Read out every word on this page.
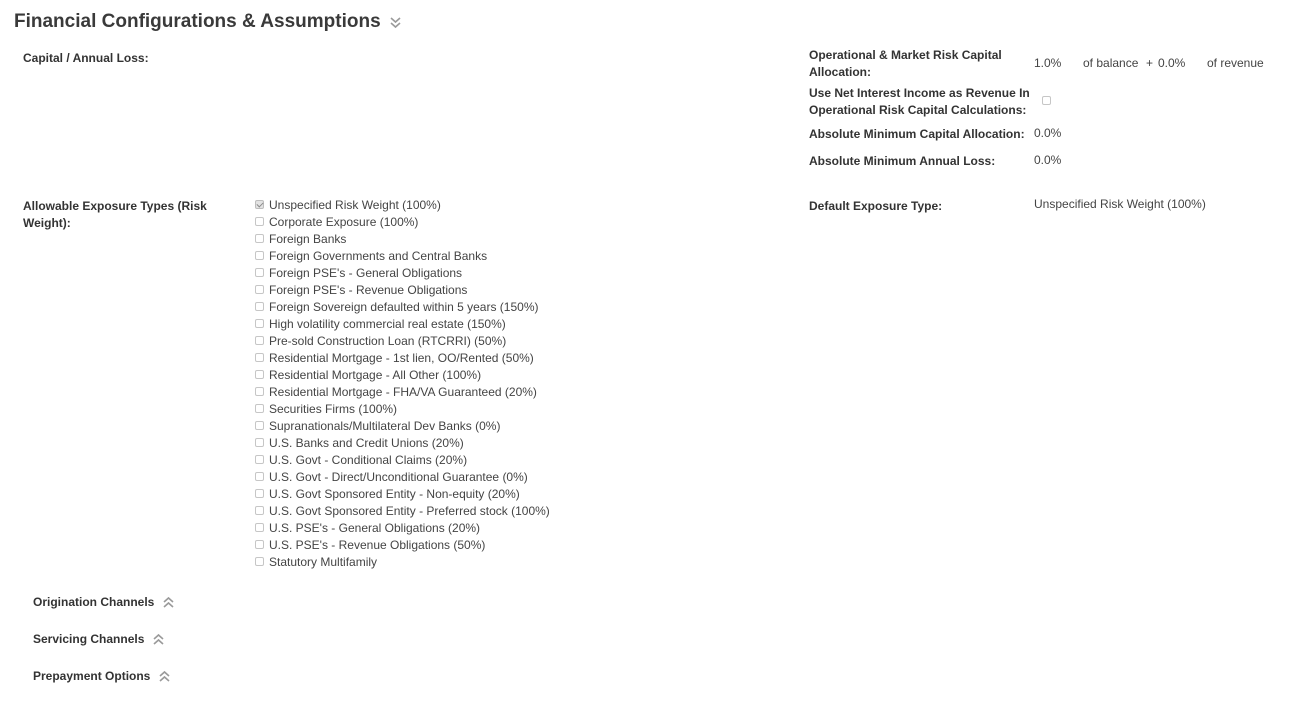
Financial Configurations & Assumptions
Capital / Annual Loss:	Operational & Market Risk Capital Allocation:
1.0% of balance + 0.0% of revenue
Use Net Interest Income as Revenue In Operational Risk Capital Calculations:
Absolute Minimum Capital Allocation: 0.0%
Absolute Minimum Annual Loss:	0.0%
Allowable Exposure Types (Risk Weight):
Unspecified Risk Weight (100%)
Corporate Exposure (100%)
Foreign Banks
Foreign Governments and Central Banks
Foreign PSE's - General Obligations
Foreign PSE's - Revenue Obligations
Foreign Sovereign defaulted within 5 years (150%)
High volatility commercial real estate (150%)
Pre-sold Construction Loan (RTCRRI) (50%)
Residential Mortgage - 1st lien, OO/Rented (50%)
Residential Mortgage - All Other (100%)
Residential Mortgage - FHA/VA Guaranteed (20%)
Securities Firms (100%)
Supranationals/Multilateral Dev Banks (0%)
U.S. Banks and Credit Unions (20%)
U.S. Govt - Conditional Claims (20%)
U.S. Govt - Direct/Unconditional Guarantee (0%)
U.S. Govt Sponsored Entity - Non-equity (20%)
U.S. Govt Sponsored Entity - Preferred stock (100%)
U.S. PSE's - General Obligations (20%)
U.S. PSE's - Revenue Obligations (50%)
Statutory Multifamily
Default Exposure Type:	Unspecified Risk Weight (100%)
Origination Channels
Servicing Channels
Prepayment Options
